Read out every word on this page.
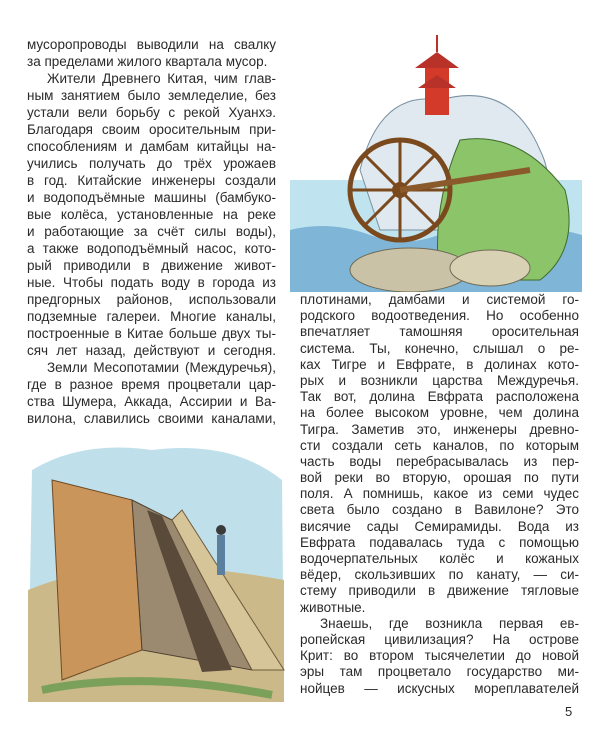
мусоропроводы выводили на свалку
за пределами жилого квартала мусор.
Жители Древнего Китая, чим глав-
ным занятием было земледелие, без
устали вели борьбу с рекой Хуанхэ.
Благодаря своим оросительным при-
способлениям и дамбам китайцы на-
учились получать до трёх урожаев
в год. Китайские инженеры создали
и водоподъёмные машины (бамбуко-
вые колёса, установленные на реке
и работающие за счёт силы воды),
а также водоподъёмный насос, кото-
рый приводили в движение живот-
ные. Чтобы подать воду в города из
предгорных районов, использовали
подземные галереи. Многие каналы,
построенные в Китае больше двух ты-
сяч лет назад, действуют и сегодня.
Земли Месопотамии (Междуречья),
где в разное время процветали цар-
ства Шумера, Аккада, Ассирии и Ва-
вилона, славились своими каналами,
плотинами, дамбами и системой го-
родского водоотведения. Но особенно
впечатляет тамошняя оросительная
система. Ты, конечно, слышал о ре-
ках Тигре и Евфрате, в долинах кото-
рых и возникли царства Междуречья.
Так вот, долина Евфрата расположена
на более высоком уровне, чем долина
Тигра. Заметив это, инженеры древно-
сти создали сеть каналов, по которым
часть воды перебрасывалась из пер-
вой реки во вторую, орошая по пути
поля. А помнишь, какое из семи чудес
света было создано в Вавилоне? Это
висячие сады Семирамиды. Вода из
Евфрата подавалась туда с помощью
водочерпательных колёс и кожаных
вёдер, скользивших по канату, — си-
стему приводили в движение тягловые
животные.
Знаешь, где возникла первая ев-
ропейская цивилизация? На острове
Крит: во втором тысячелетии до новой
эры там процветало государство ми-
нойцев — искусных мореплавателей
5
